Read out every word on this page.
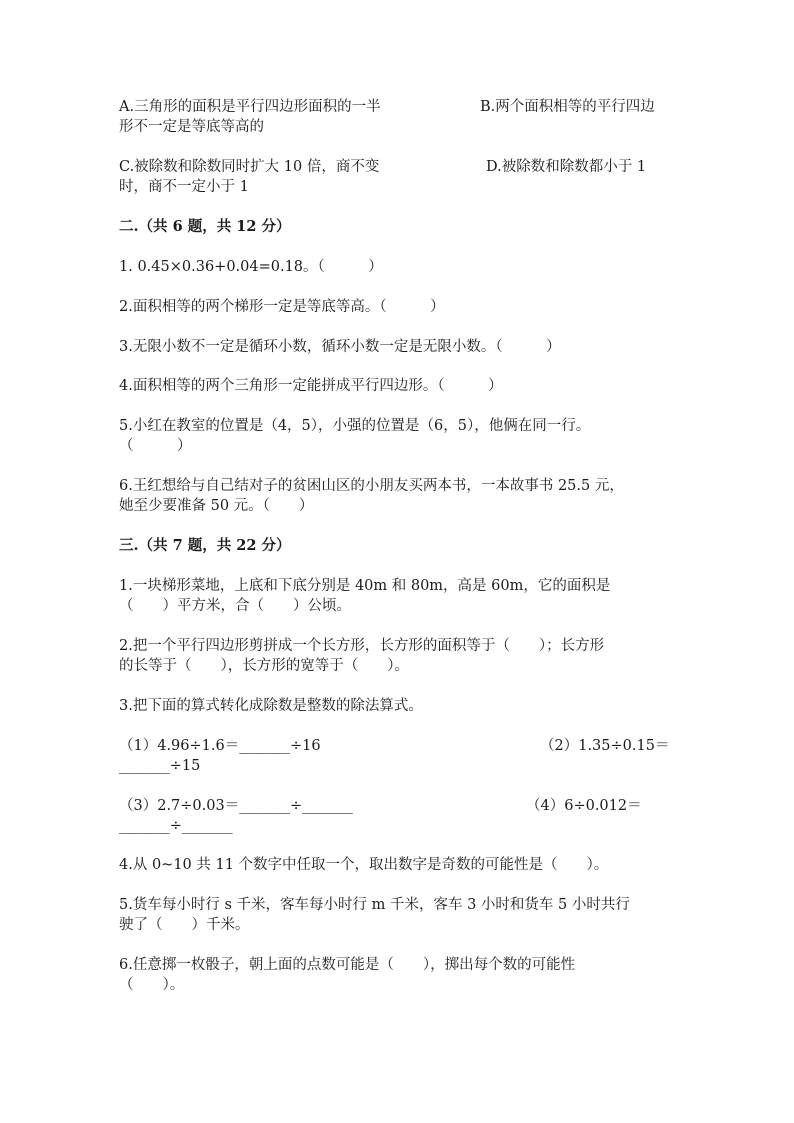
A.三角形的面积是平行四边形面积的一半	B.两个面积相等的平行四边
形不一定是等底等高的
C.被除数和除数同时扩大 10 倍，商不变	D.被除数和除数都小于 1
时，商不一定小于 1
二.（共 6 题，共 12 分）
1. 0.45×0.36+0.04=0.18。（　　　）
2.面积相等的两个梯形一定是等底等高。（　　　）
3.无限小数不一定是循环小数，循环小数一定是无限小数。（　　　）
4.面积相等的两个三角形一定能拼成平行四边形。（　　　）
5.小红在教室的位置是（4，5），小强的位置是（6，5），他俩在同一行。
（　　　）
6.王红想给与自己结对子的贫困山区的小朋友买两本书，一本故事书 25.5 元，
她至少要准备 50 元。（　　）
三.（共 7 题，共 22 分）
1.一块梯形菜地，上底和下底分别是 40m 和 80m，高是 60m，它的面积是
（　　）平方米，合（　　）公顷。
2.把一个平行四边形剪拼成一个长方形，长方形的面积等于（　　）；长方形
的长等于（　　），长方形的宽等于（　　）。
3.把下面的算式转化成除数是整数的除法算式。
（1）4.96÷1.6＝_______÷16	（2）1.35÷0.15＝
_______÷15
（3）2.7÷0.03＝_______÷_______	（4）6÷0.012＝
_______÷_______
4.从 0~10 共 11 个数字中任取一个，取出数字是奇数的可能性是（　　）。
5.货车每小时行 s 千米，客车每小时行 m 千米，客车 3 小时和货车 5 小时共行
驶了（　　）千米。
6.任意掷一枚骰子，朝上面的点数可能是（　　），掷出每个数的可能性
（　　）。
